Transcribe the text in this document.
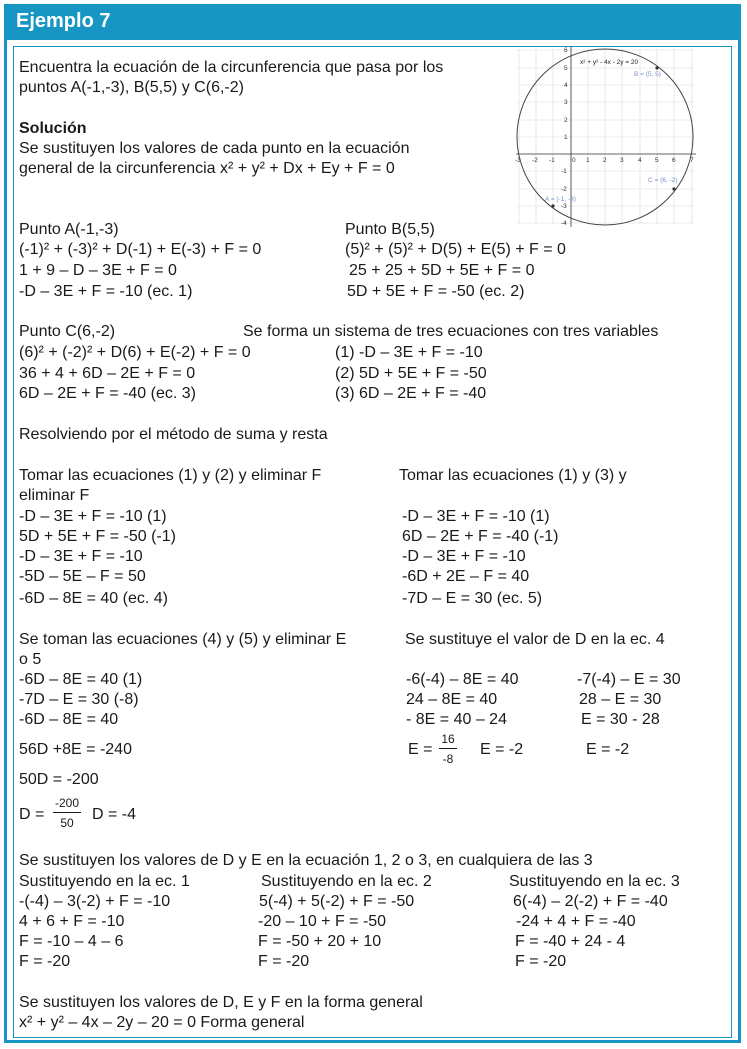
Ejemplo 7
Encuentra la ecuación de la circunferencia que pasa por los
puntos A(-1,-3), B(5,5) y C(6,-2)
Solución
Se sustituyen los valores de cada punto en la ecuación
general de la circunferencia x² + y² + Dx + Ey + F = 0	-3 -2 -1	0 1 2 3 4 5 6 7
6
5
4
3
2
1
-1
-2
-3
-4
x² + y² - 4x - 2y = 20
B = (5, 5)
C = (6, -2)
A = (-1, -3)
Punto A(-1,-3)
(-1)² + (-3)² + D(-1) + E(-3) + F = 0
1 + 9 – D – 3E + F = 0
-D – 3E + F = -10 (ec. 1)
Punto B(5,5)
(5)² + (5)² + D(5) + E(5) + F = 0
25 + 25 + 5D + 5E + F = 0
5D + 5E + F = -50 (ec. 2)
Punto C(6,-2)
(6)² + (-2)² + D(6) + E(-2) + F = 0
36 + 4 + 6D – 2E + F = 0
6D – 2E + F = -40 (ec. 3)
Se forma un sistema de tres ecuaciones con tres variables
(1) -D – 3E + F = -10
(2) 5D + 5E + F = -50
(3) 6D – 2E + F = -40
Resolviendo por el método de suma y resta
Tomar las ecuaciones (1) y (2) y eliminar F
eliminar F
-D – 3E + F = -10 (1)
5D + 5E + F = -50 (-1)
-D – 3E + F = -10
-5D – 5E – F = 50
-6D – 8E = 40 (ec. 4)
Tomar las ecuaciones (1) y (3) y
-D – 3E + F = -10 (1)
6D – 2E + F = -40 (-1)
-D – 3E + F = -10
-6D + 2E – F = 40
-7D – E = 30 (ec. 5)
Se toman las ecuaciones (4) y (5) y eliminar E
o 5
-6D – 8E = 40 (1)
-7D – E = 30 (-8)
-6D – 8E = 40
56D +8E = -240
50D = -200
D =
-200
50	D = -4
Se sustituye el valor de D en la ec. 4
-6(-4) – 8E = 40
24 – 8E = 40
- 8E = 40 – 24
E =
16
-8
E = -2
-7(-4) – E = 30
28 – E = 30
E = 30 - 28
E = -2
Se sustituyen los valores de D y E en la ecuación 1, 2 o 3, en cualquiera de las 3
Sustituyendo en la ec. 1
-(-4) – 3(-2) + F = -10
4 + 6 + F = -10
F = -10 – 4 – 6
F = -20
Sustituyendo en la ec. 2
5(-4) + 5(-2) + F = -50
-20 – 10 + F = -50
F = -50 + 20 + 10
F = -20
Sustituyendo en la ec. 3
6(-4) – 2(-2) + F = -40
-24 + 4 + F = -40
F = -40 + 24 - 4
F = -20
Se sustituyen los valores de D, E y F en la forma general
x² + y² – 4x – 2y – 20 = 0 Forma general
